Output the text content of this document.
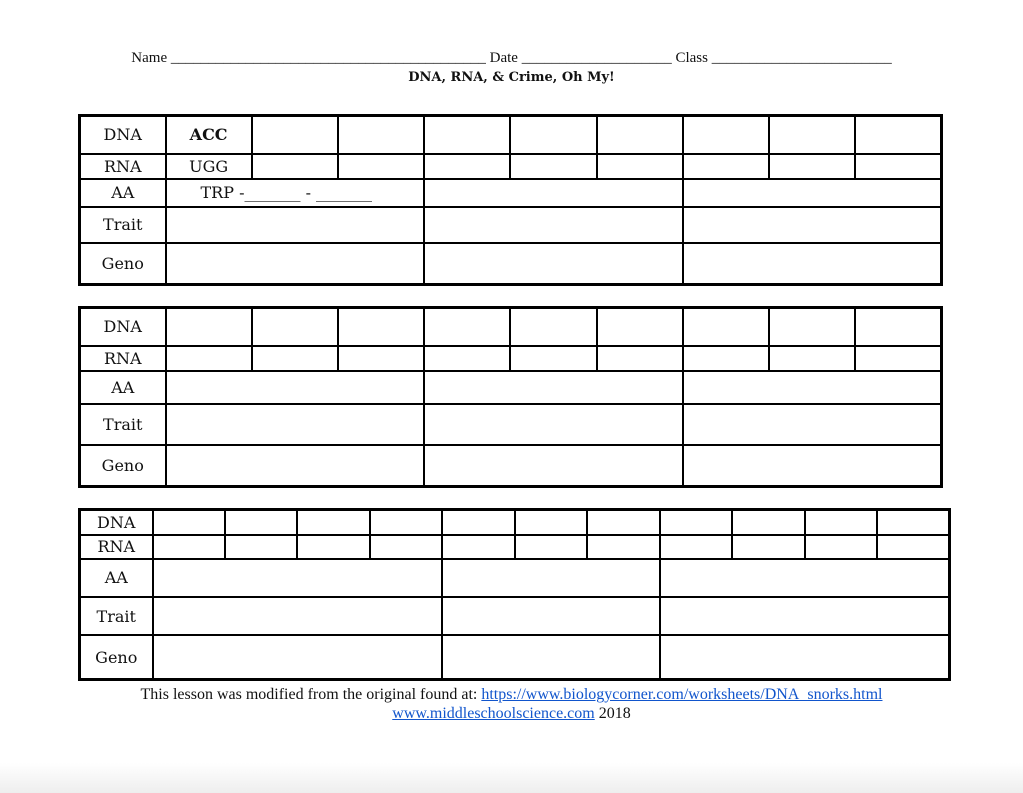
Name __________________________________________ Date ____________________ Class ________________________
DNA, RNA, & Crime, Oh My!
DNA	ACC								
RNA	UGG								
AA	TRP -_______ - _______								
Trait									
Geno									
DNA									
RNA									
AA									
Trait									
Geno									
DNA											
RNA											
AA											
Trait											
Geno											
This lesson was modified from the original found at: https://www.biologycorner.com/worksheets/DNA_snorks.html
www.middleschoolscience.com 2018
